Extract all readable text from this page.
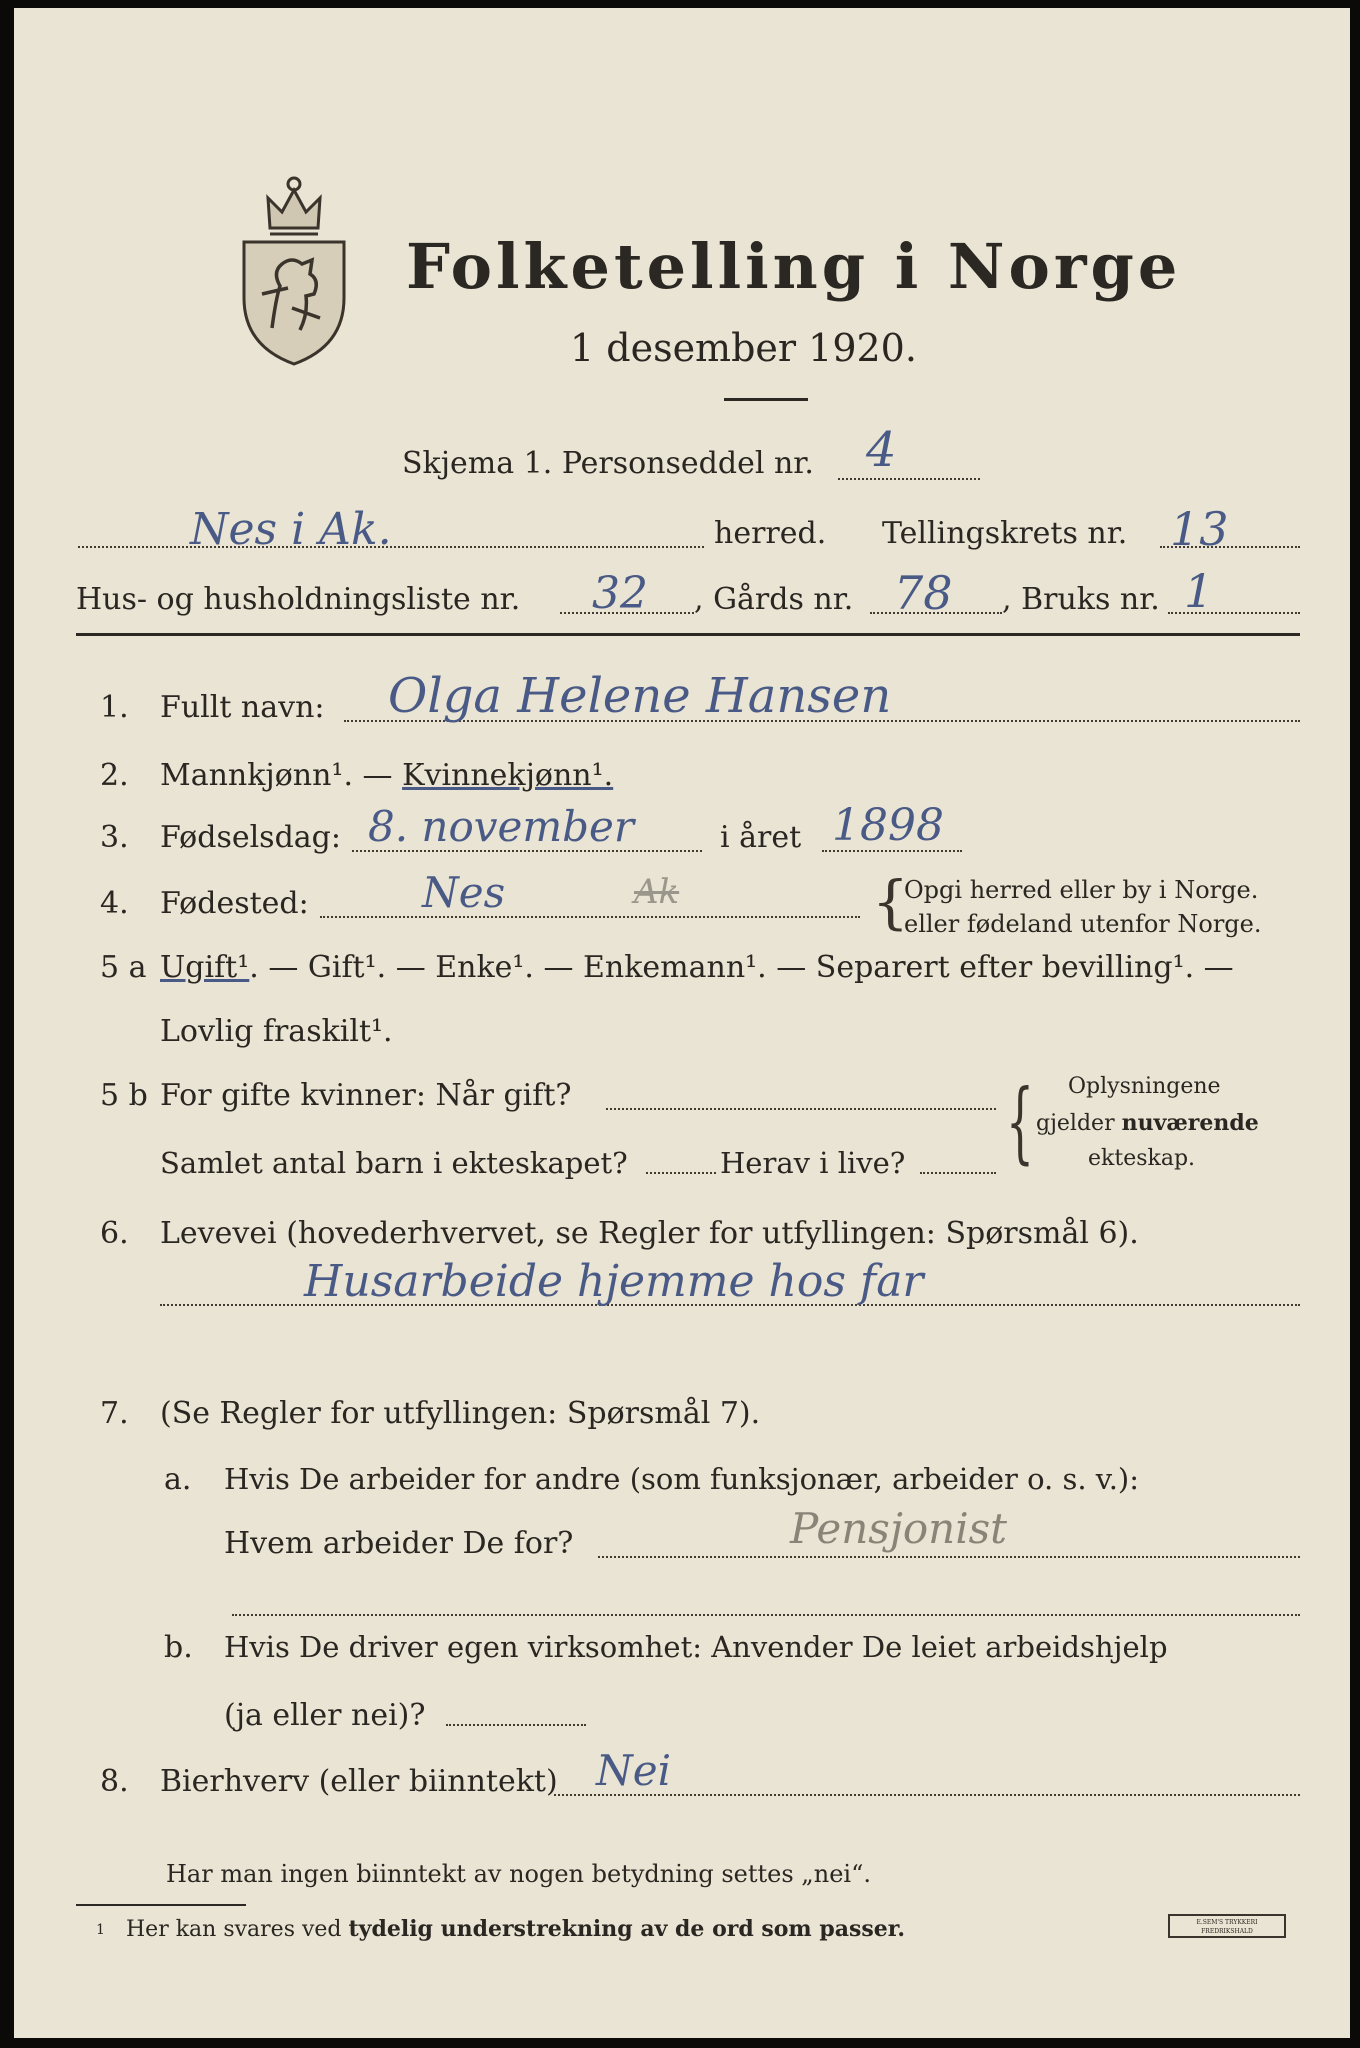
Folketelling i Norge
1 desember 1920.
Skjema 1. Personseddel nr. 4
Nes i Ak.	herred. Tellingskrets nr. 13
Hus- og husholdningsliste nr. 32 , Gårds nr. 78 , Bruks nr. 1
1. Fullt navn: Olga Helene Hansen
2. Mannkjønn¹. — Kvinnekjønn¹.
3. Fødselsdag: 8. november	i året 1898
4. Fødested:	Nes	Ak	{
Opgi herred eller by i Norge.
eller fødeland utenfor Norge.
5 a Ugift¹. — Gift¹. — Enke¹. — Enkemann¹. — Separert efter bevilling¹. —
Lovlig fraskilt¹.
5 b For gifte kvinner: Når gift?
Samlet antal barn i ekteskapet?	Herav i live? { Oplysningene
gjelder nuværende
ekteskap.
6. Levevei (hovederhvervet, se Regler for utfyllingen: Spørsmål 6).
Husarbeide hjemme hos far
7. (Se Regler for utfyllingen: Spørsmål 7).
a. Hvis De arbeider for andre (som funksjonær, arbeider o. s. v.):
Hvem arbeider De for?	Pensjonist
b. Hvis De driver egen virksomhet: Anvender De leiet arbeidshjelp
(ja eller nei)?
8. Bierhverv (eller biinntekt) Nei
Har man ingen biinntekt av nogen betydning settes „nei“.
1 Her kan svares ved tydelig understrekning av de ord som passer.	E.SEM'S TRYKKERI FREDRIKSHALD
